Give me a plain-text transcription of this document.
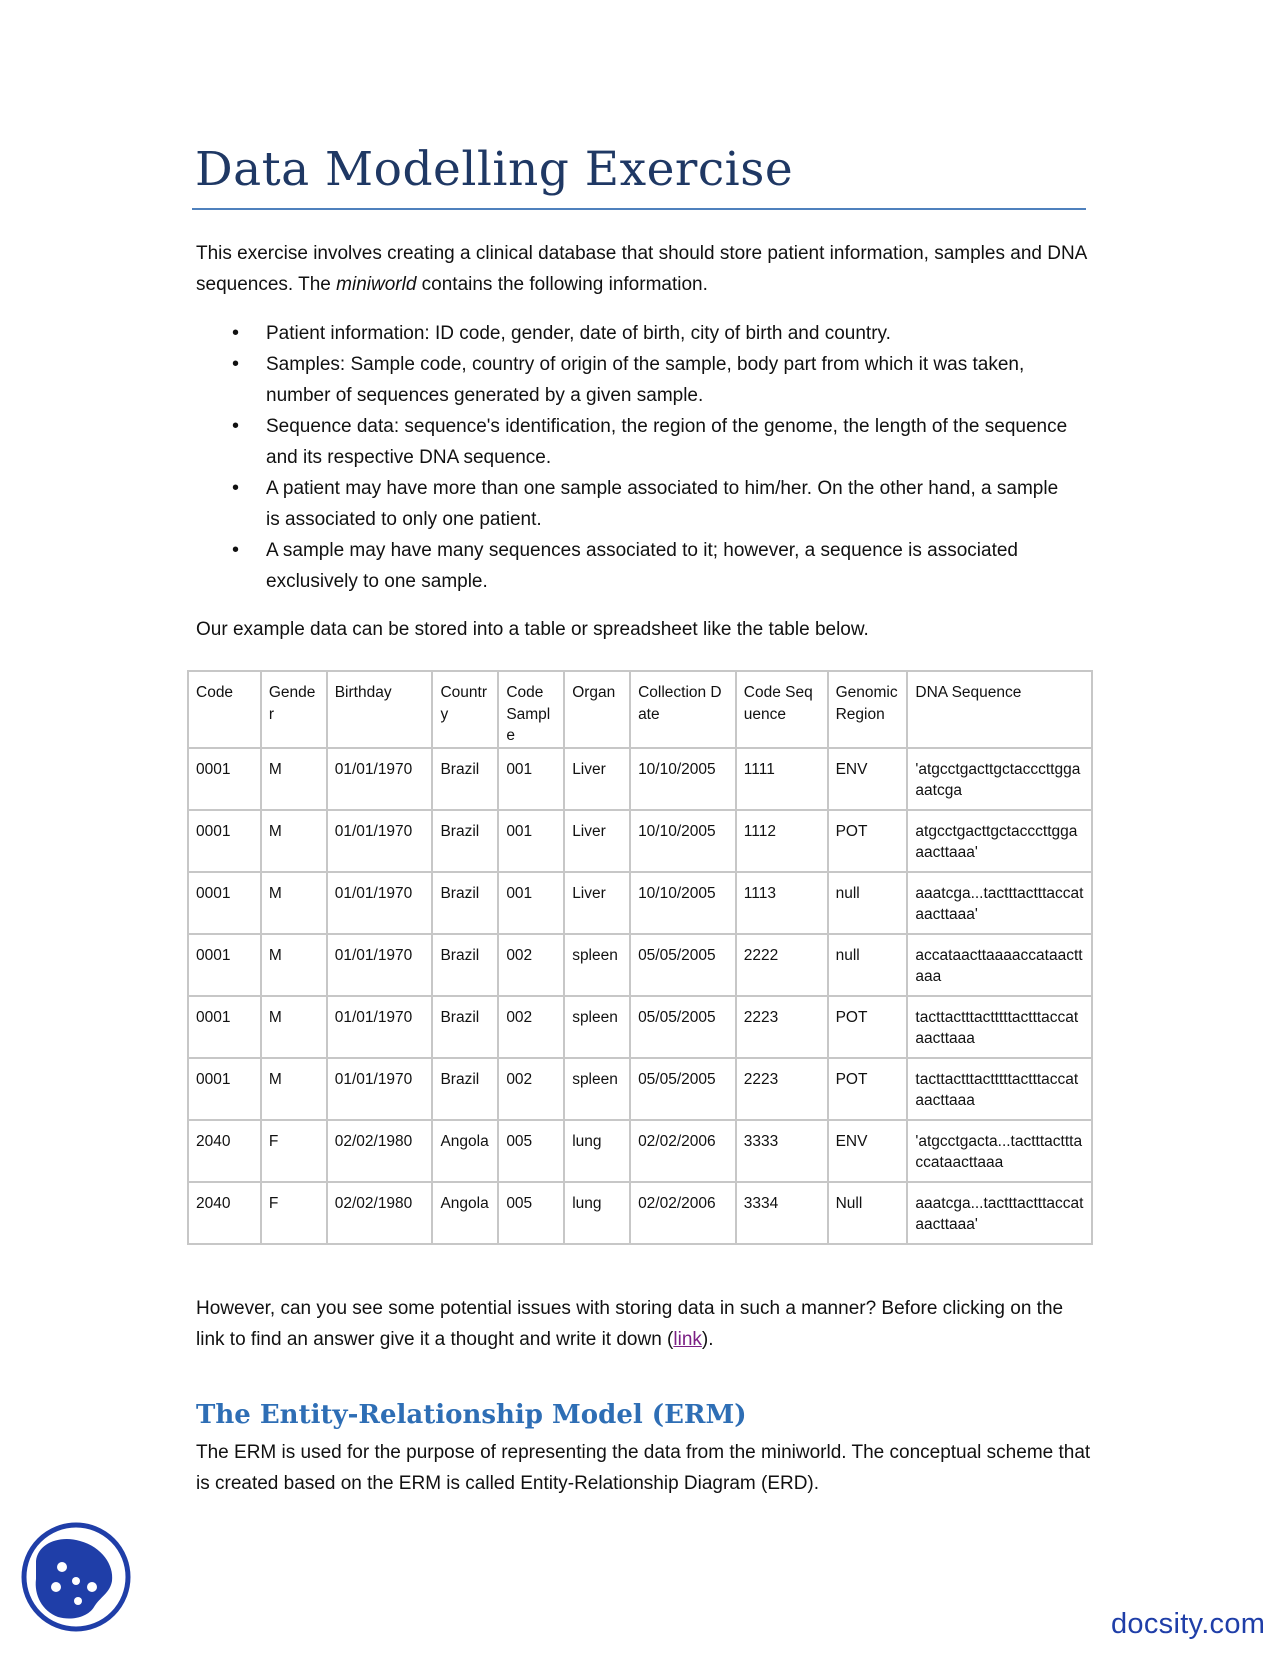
Data Modelling Exercise

This exercise involves creating a clinical database that should store patient information, samples and DNA sequences. The miniworld contains the following information.

• Patient information: ID code, gender, date of birth, city of birth and country.
• Samples: Sample code, country of origin of the sample, body part from which it was taken, number of sequences generated by a given sample.
• Sequence data: sequence's identification, the region of the genome, the length of the sequence and its respective DNA sequence.
• A patient may have more than one sample associated to him/her. On the other hand, a sample is associated to only one patient.
• A sample may have many sequences associated to it; however, a sequence is associated exclusively to one sample.

Our example data can be stored into a table or spreadsheet like the table below.

Code	Gender	Birthday	Country	Code Sample	Organ	Collection Date	Code Sequence	Genomic Region	DNA Sequence
0001	M	01/01/1970	Brazil	001	Liver	10/10/2005	1111	ENV	'atgcctgacttgctacccttggaaatcga
0001	M	01/01/1970	Brazil	001	Liver	10/10/2005	1112	POT	atgcctgacttgctacccttggaaacttaaa'
0001	M	01/01/1970	Brazil	001	Liver	10/10/2005	1113	null	aaatcga...tactttactttaccataacttaaa'
0001	M	01/01/1970	Brazil	002	spleen	05/05/2005	2222	null	accataacttaaaaccataacttaaa
0001	M	01/01/1970	Brazil	002	spleen	05/05/2005	2223	POT	tacttactttactttttactttaccataacttaaa
0001	M	01/01/1970	Brazil	002	spleen	05/05/2005	2223	POT	tacttactttactttttactttaccataacttaaa
2040	F	02/02/1980	Angola	005	lung	02/02/2006	3333	ENV	'atgcctgacta...tactttactttaccataacttaaa
2040	F	02/02/1980	Angola	005	lung	02/02/2006	3334	Null	aaatcga...tactttactttaccataacttaaa'

However, can you see some potential issues with storing data in such a manner? Before clicking on the link to find an answer give it a thought and write it down (link).

The Entity-Relationship Model (ERM)

The ERM is used for the purpose of representing the data from the miniworld. The conceptual scheme that is created based on the ERM is called Entity-Relationship Diagram (ERD).

docsity.com
